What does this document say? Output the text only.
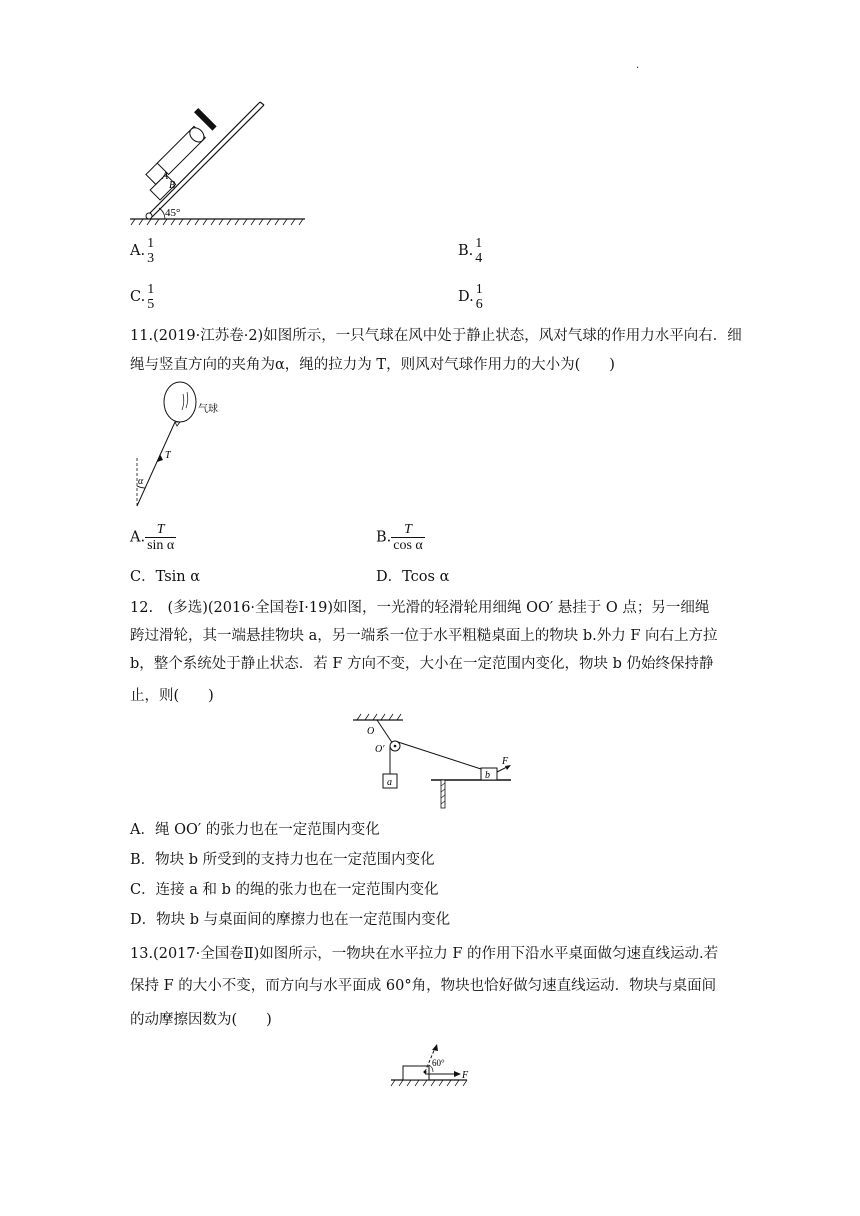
.
45°
A
B
A. 1
3	B. 1
4
C. 1
5	D. 1
6
11.(2019·江苏卷·2)如图所示，一只气球在风中处于静止状态，风对气球的作用力水平向右．细
绳与竖直方向的夹角为α，绳的拉力为 T，则风对气球作用力的大小为(　　)
T
α
气球
A. $\frac{T}{\text{sin α}}$	B. $\frac{T}{\text{cos α}}$
C．Tsin α	D．Tcos α
12.　(多选)(2016·全国卷Ⅰ·19)如图，一光滑的轻滑轮用细绳 OO′ 悬挂于 O 点；另一细绳
跨过滑轮，其一端悬挂物块 a，另一端系一位于水平粗糙桌面上的物块 b.外力 F 向右上方拉
b，整个系统处于静止状态．若 F 方向不变，大小在一定范围内变化，物块 b 仍始终保持静
止，则(　　)
O
O′
a
b
F
A．绳 OO′ 的张力也在一定范围内变化
B．物块 b 所受到的支持力也在一定范围内变化
C．连接 a 和 b 的绳的张力也在一定范围内变化
D．物块 b 与桌面间的摩擦力也在一定范围内变化
13.(2017·全国卷Ⅱ)如图所示，一物块在水平拉力 F 的作用下沿水平桌面做匀速直线运动.若
保持 F 的大小不变，而方向与水平面成 60°角，物块也恰好做匀速直线运动．物块与桌面间
的动摩擦因数为(　　)
F
60°
